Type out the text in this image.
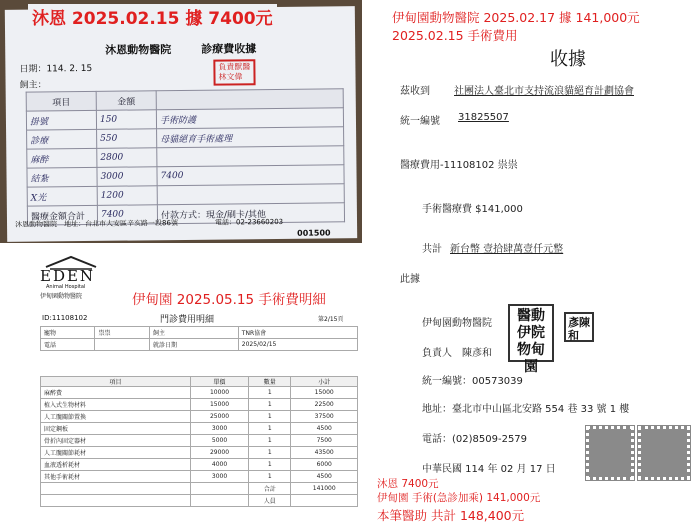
沐恩動物醫院	診療費收據
日期：114. 2. 15
飼主：
負責獸醫 林文偉
項目	金額	
掛號	150	手術防護
診療	550	母貓絕育手術處理
麻醉	2800	
結紮	3000	7400
X光	1200	
醫療金額合計	7400	付款方式：現金/刷卡/其他
沐恩動物醫院　地址：台北市大安區辛亥路一段86號	電話：02-23660203
001500
沐恩 2025.02.15 據 7400元	伊甸園動物醫院 2025.02.17 據 141,000元
2025.02.15 手術費用
收據
茲收到 社團法人臺北市支持流浪貓絕育計劃協會
統一編號 31825507
醫療費用-11108102 祟祟
手術醫療費 $141,000
共計 新台幣 壹拾肆萬壹仟元整
此據
伊甸園動物醫院	醫動伊院物甸園
彥陳和
負責人　陳彥和
統一編號：00573039
地址：臺北市中山區北安路 554 巷 33 號 1 樓
電話：(02)8509-2579
中華民國 114 年 02 月 17 日
EDEN
Animal Hospital
伊甸園動物醫院	伊甸園 2025.05.15 手術費明細
ID:11108102	門診費用明細	第2/15頁
寵物	祟祟	飼主	TNR協會
電話		就診日期	2025/02/15
項目	單價	數量	小計
麻醉費	10000	1	15000
植入式生物材料	15000	1	22500
人工髖關節置換	25000	1	37500
固定鋼板	3000	1	4500
骨折內固定器材	5000	1	7500
人工髖關節耗材	29000	1	43500
血液透析耗材	4000	1	6000
其他手術耗材	3000	1	4500
		合計	141000
		人員	
沐恩 7400元
伊甸園 手術(急診加乘) 141,000元
本筆醫助 共計 148,400元
